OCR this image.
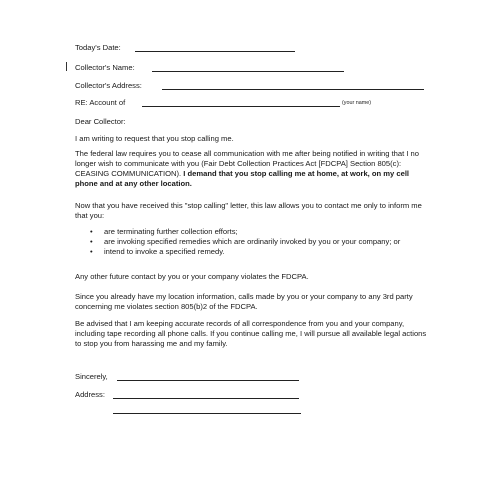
Today's Date:
Collector's Name:
Collector's Address:
RE: Account of	(your name)
Dear Collector:
I am writing to request that you stop calling me.
The federal law requires you to cease all communication with me after being notified in writing that I no longer wish to communicate with you (Fair Debt Collection Practices Act [FDCPA] Section 805(c): CEASING COMMUNICATION). I demand that you stop calling me at home, at work, on my cell phone and at any other location.
Now that you have received this "stop calling" letter, this law allows you to contact me only to inform me that you:
• are terminating further collection efforts;
• are invoking specified remedies which are ordinarily invoked by you or your company; or
• intend to invoke a specified remedy.
Any other future contact by you or your company violates the FDCPA.
Since you already have my location information, calls made by you or your company to any 3rd party concerning me violates section 805(b)2 of the FDCPA.
Be advised that I am keeping accurate records of all correspondence from you and your company, including tape recording all phone calls. If you continue calling me, I will pursue all available legal actions to stop you from harassing me and my family.
Sincerely,
Address:
